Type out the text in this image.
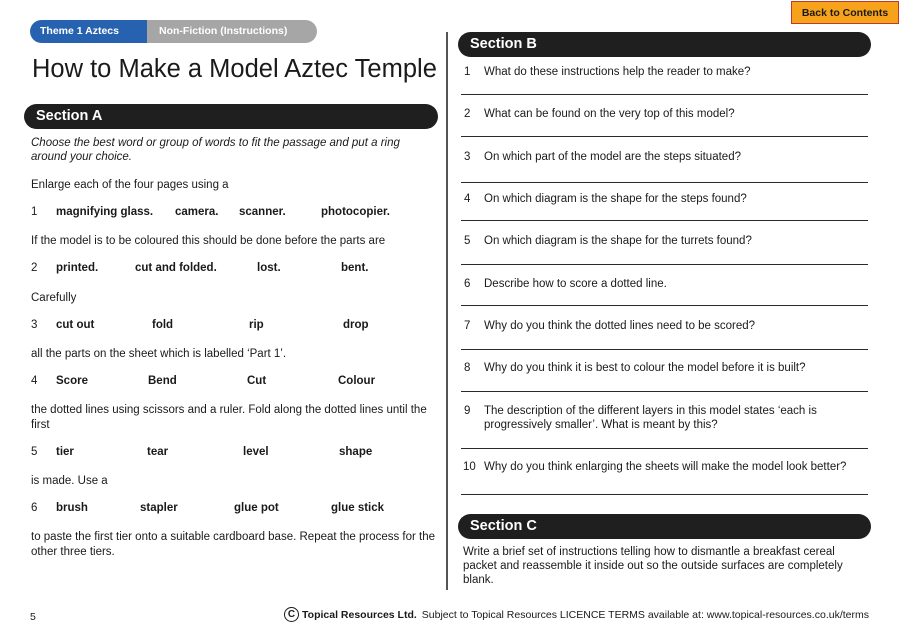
Back to Contents
Theme 1 Aztecs	Non-Fiction (Instructions)
How to Make a Model Aztec Temple
Section A
Choose the best word or group of words to fit the passage and put a ring around your choice.
Enlarge each of the four pages using a
1 magnifying glass. camera. scanner.	photocopier.
If the model is to be coloured this should be done before the parts are
2 printed.	cut and folded.	lost.	bent.
Carefully
3 cut out	fold	rip	drop
all the parts on the sheet which is labelled ‘Part 1’.
4 Score	Bend	Cut	Colour
the dotted lines using scissors and a ruler. Fold along the dotted lines until the first
5 tier	tear	level	shape
is made. Use a
6 brush	stapler	glue pot	glue stick
to paste the first tier onto a suitable cardboard base. Repeat the process for the other three tiers.
Section B
1 What do these instructions help the reader to make?
2 What can be found on the very top of this model?
3 On which part of the model are the steps situated?
4 On which diagram is the shape for the steps found?
5 On which diagram is the shape for the turrets found?
6 Describe how to score a dotted line.
7 Why do you think the dotted lines need to be scored?
8 Why do you think it is best to colour the model before it is built?
9 The description of the different layers in this model states ‘each is progressively smaller’. What is meant by this?
10 Why do you think enlarging the sheets will make the model look better?
Section C
Write a brief set of instructions telling how to dismantle a breakfast cereal packet and reassemble it inside out so the outside surfaces are completely blank.
5	C Topical Resources Ltd. Subject to Topical Resources LICENCE TERMS available at: www.topical-resources.co.uk/terms
